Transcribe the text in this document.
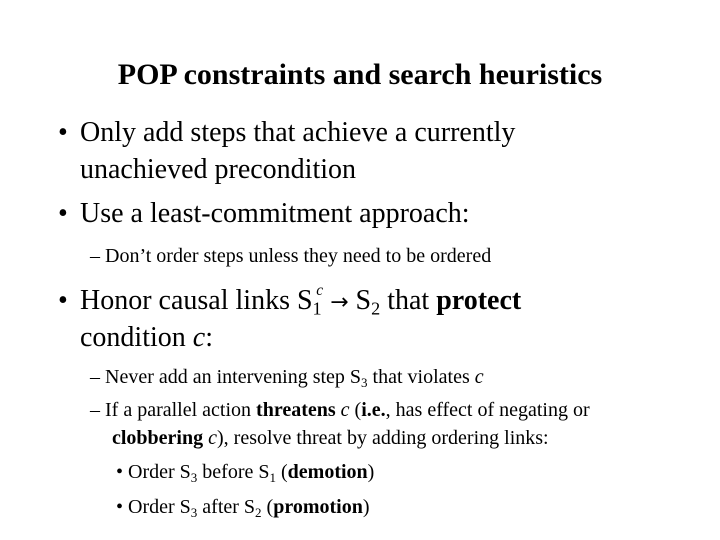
POP constraints and search heuristics
• Only add steps that achieve a currently
unachieved precondition
• Use a least-commitment approach:
– Don’t order steps unless they need to be ordered
• Honor causal links $S_1^c \to S_2$ that protect
condition c:
– Never add an intervening step $S_3$ that violates c
– If a parallel action threatens c (i.e., has effect of negating or
clobbering c), resolve threat by adding ordering links:
• Order $S_3$ before $S_1$ (demotion)
• Order $S_3$ after $S_2$ (promotion)
